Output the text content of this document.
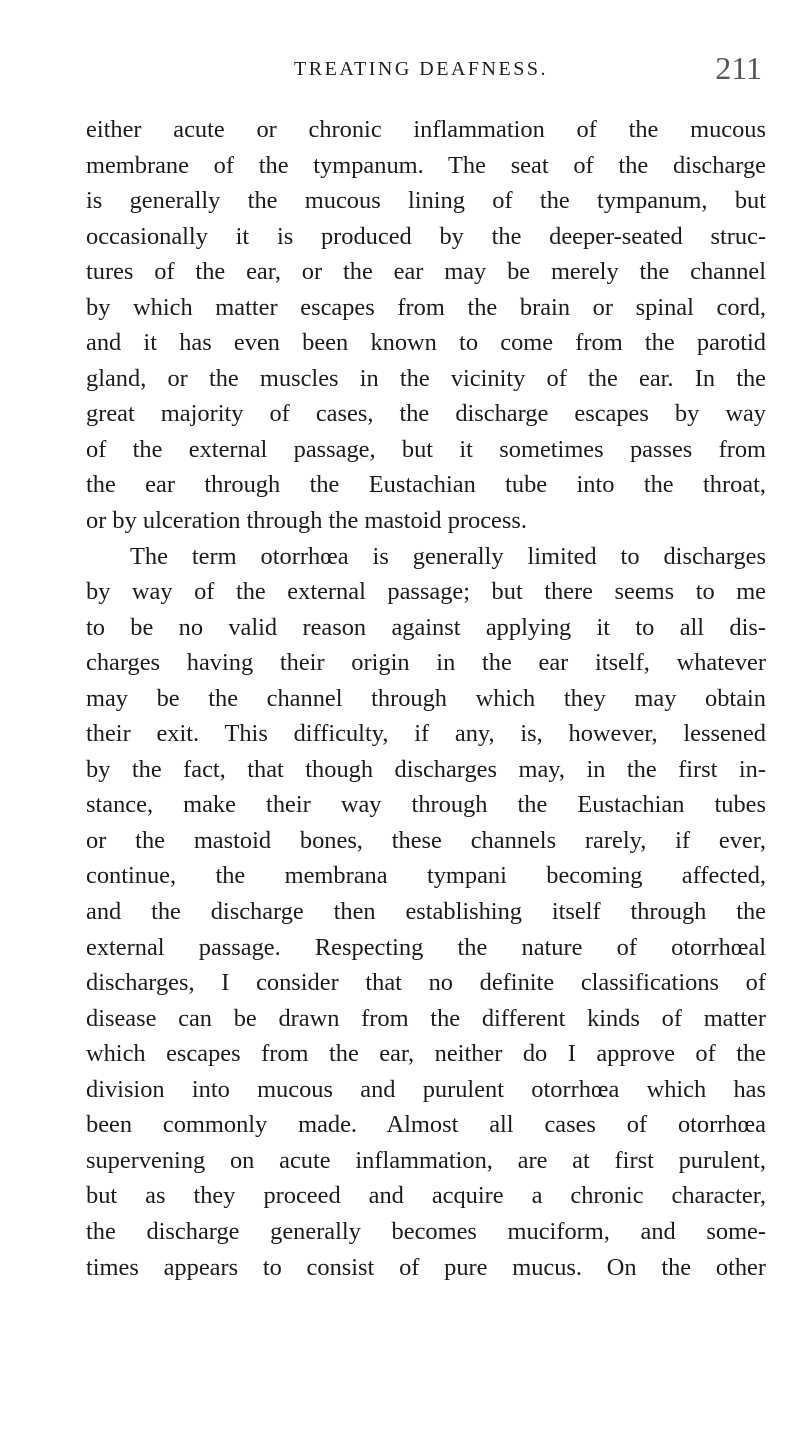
TREATING DEAFNESS.	211
either acute or chronic inflammation of the mucous
membrane of the tympanum. The seat of the discharge
is generally the mucous lining of the tympanum, but
occasionally it is produced by the deeper-seated struc-
tures of the ear, or the ear may be merely the channel
by which matter escapes from the brain or spinal cord,
and it has even been known to come from the parotid
gland, or the muscles in the vicinity of the ear. In the
great majority of cases, the discharge escapes by way
of the external passage, but it sometimes passes from
the ear through the Eustachian tube into the throat,
or by ulceration through the mastoid process.
The term otorrhœa is generally limited to discharges
by way of the external passage; but there seems to me
to be no valid reason against applying it to all dis-
charges having their origin in the ear itself, whatever
may be the channel through which they may obtain
their exit. This difficulty, if any, is, however, lessened
by the fact, that though discharges may, in the first in-
stance, make their way through the Eustachian tubes
or the mastoid bones, these channels rarely, if ever,
continue, the membrana tympani becoming affected,
and the discharge then establishing itself through the
external passage. Respecting the nature of otorrhœal
discharges, I consider that no definite classifications of
disease can be drawn from the different kinds of matter
which escapes from the ear, neither do I approve of the
division into mucous and purulent otorrhœa which has
been commonly made. Almost all cases of otorrhœa
supervening on acute inflammation, are at first purulent,
but as they proceed and acquire a chronic character,
the discharge generally becomes muciform, and some-
times appears to consist of pure mucus. On the other
